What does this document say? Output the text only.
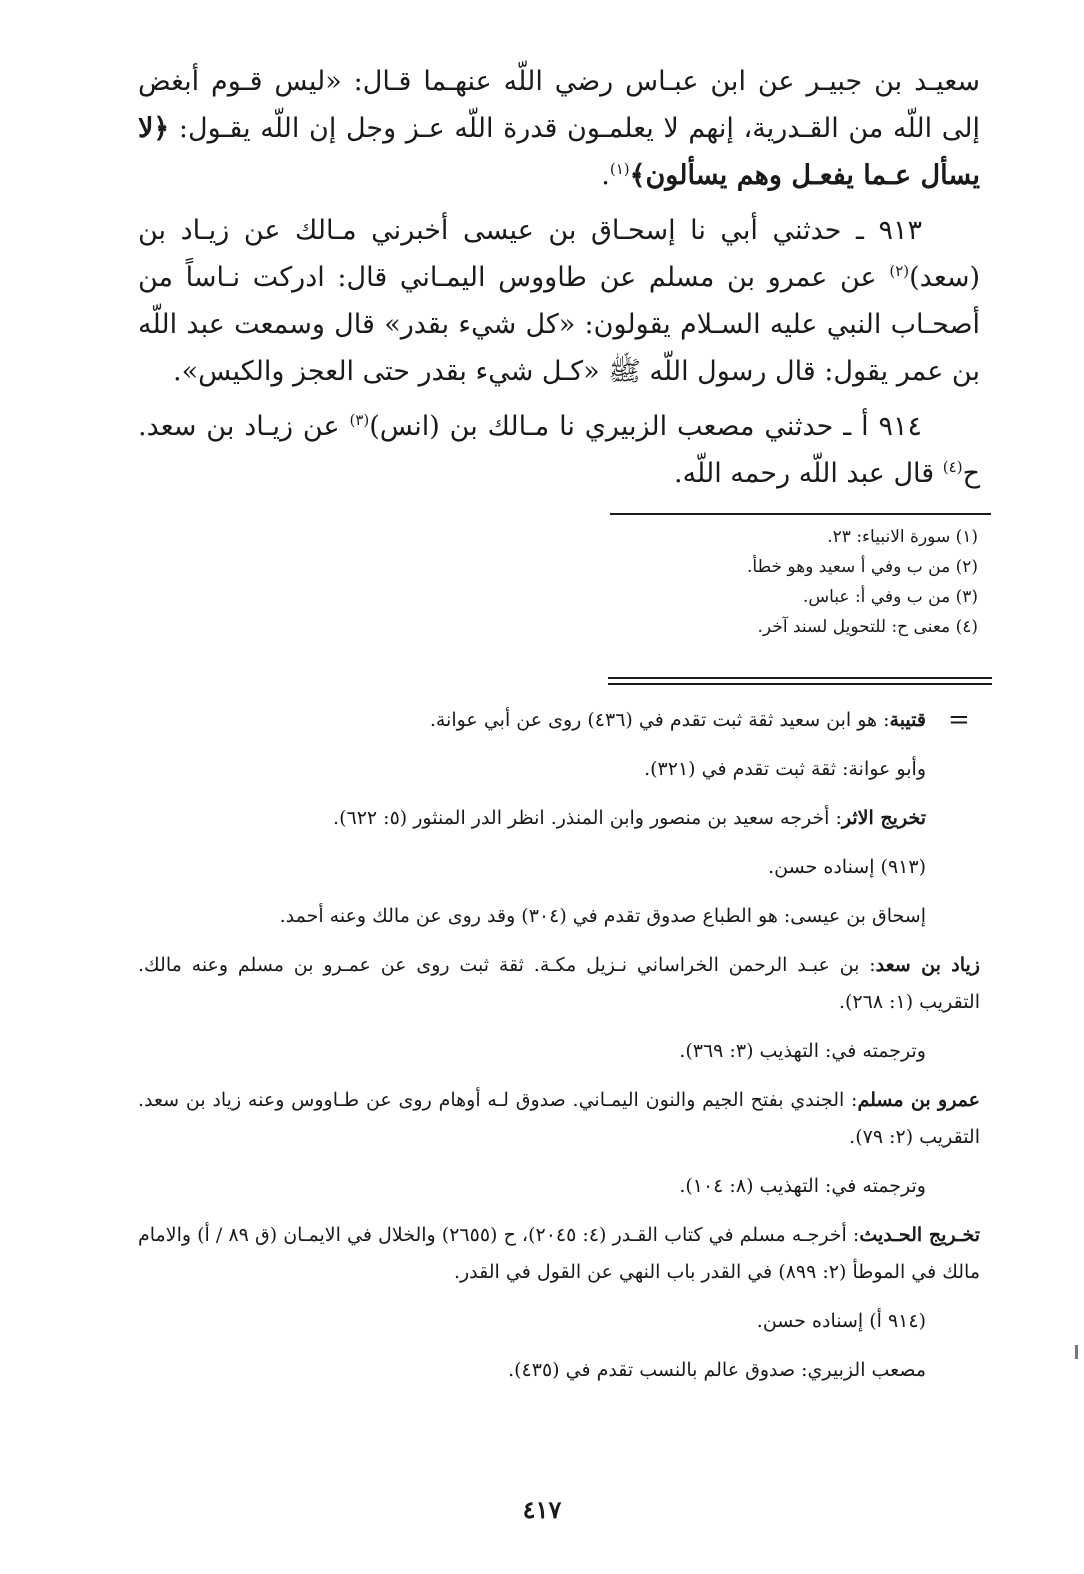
سعيـد بن جبيـر عن ابن عبـاس رضي اللّه عنهـما قـال: «ليس قـوم أبغض إلى اللّه من القـدرية، إنهم لا يعلمـون قدرة اللّه عـز وجل إن اللّه يقـول: ﴿لا يسأل عـما يفعـل وهم يسألون﴾$^{(١)}$.

٩١٣ ـ حدثني أبي نا إسحـاق بن عيسى أخبرني مـالك عن زيـاد بن (سعد)$^{(٢)}$ عن عمرو بن مسلم عن طاووس اليمـاني قال: ادركت نـاساً من أصحـاب النبي عليه السـلام يقولون: «كل شيء بقدر» قال وسمعت عبد اللّه بن عمر يقول: قال رسول اللّه ﷺ «كـل شيء بقدر حتى العجز والكيس».

٩١٤ أ ـ حدثني مصعب الزبيري نا مـالك بن (انس)$^{(٣)}$ عن زيـاد بن سعد. ح$^{(٤)}$ قال عبد اللّه رحمه اللّه.

(١) سورة الانبياء: ٢٣.
(٢) من ب وفي أ سعيد وهو خطأ.
(٣) من ب وفي أ: عباس.
(٤) معنى ح: للتحويل لسند آخر.
=

قتيبة: هو ابن سعيد ثقة ثبت تقدم في (٤٣٦) روى عن أبي عوانة.

وأبو عوانة: ثقة ثبت تقدم في (٣٢١).

تخريج الاثر: أخرجه سعيد بن منصور وابن المنذر. انظر الدر المنثور (٥: ٦٢٢).

(٩١٣) إسناده حسن.

إسحاق بن عيسى: هو الطباع صدوق تقدم في (٣٠٤) وقد روى عن مالك وعنه أحمد.

زياد بن سعد: بن عبـد الرحمن الخراساني نـزيل مكـة. ثقة ثبت روى عن عمـرو بن مسلم وعنه مالك. التقريب (١: ٢٦٨).

وترجمته في: التهذيب (٣: ٣٦٩).

عمرو بن مسلم: الجندي بفتح الجيم والنون اليمـاني. صدوق لـه أوهام روى عن طـاووس وعنه زياد بن سعد. التقريب (٢: ٧٩).

وترجمته في: التهذيب (٨: ١٠٤).

تخـريج الحـديث: أخرجـه مسلم في كتاب القـدر (٤: ٢٠٤٥)، ح (٢٦٥٥) والخلال في الايمـان (ق ٨٩ / أ) والامام مالك في الموطأ (٢: ٨٩٩) في القدر باب النهي عن القول في القدر.

(٩١٤ أ) إسناده حسن.

مصعب الزبيري: صدوق عالم بالنسب تقدم في (٤٣٥).

٤١٧
